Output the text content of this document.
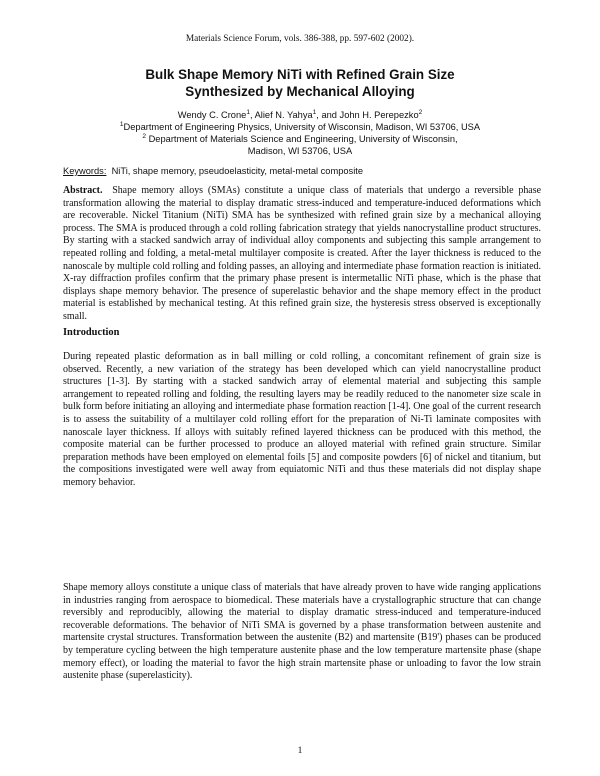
Materials Science Forum, vols. 386-388, pp. 597-602 (2002).
Bulk Shape Memory NiTi with Refined Grain Size
Synthesized by Mechanical Alloying
Wendy C. Crone$^1$, Alief N. Yahya$^1$, and John H. Perepezko$^2$
$^1$Department of Engineering Physics, University of Wisconsin, Madison, WI 53706, USA
$^2$ Department of Materials Science and Engineering, University of Wisconsin,
Madison, WI 53706, USA
Keywords: NiTi, shape memory, pseudoelasticity, metal-metal composite

Abstract. Shape memory alloys (SMAs) constitute a unique class of materials that undergo a reversible phase transformation allowing the material to display dramatic stress-induced and temperature-induced deformations which are recoverable. Nickel Titanium (NiTi) SMA has be synthesized with refined grain size by a mechanical alloying process. The SMA is produced through a cold rolling fabrication strategy that yields nanocrystalline product structures. By starting with a stacked sandwich array of individual alloy components and subjecting this sample arrangement to repeated rolling and folding, a metal-metal multilayer composite is created. After the layer thickness is reduced to the nanoscale by multiple cold rolling and folding passes, an alloying and intermediate phase formation reaction is initiated. X-ray diffraction profiles confirm that the primary phase present is intermetallic NiTi phase, which is the phase that displays shape memory behavior. The presence of superelastic behavior and the shape memory effect in the product material is established by mechanical testing. At this refined grain size, the hysteresis stress observed is exceptionally small.

Introduction

During repeated plastic deformation as in ball milling or cold rolling, a concomitant refinement of grain size is observed. Recently, a new variation of the strategy has been developed which can yield nanocrystalline product structures [1-3]. By starting with a stacked sandwich array of elemental material and subjecting this sample arrangement to repeated rolling and folding, the resulting layers may be readily reduced to the nanometer size scale in bulk form before initiating an alloying and intermediate phase formation reaction [1-4]. One goal of the current research is to assess the suitability of a multilayer cold rolling effort for the preparation of Ni-Ti laminate composites with nanoscale layer thickness. If alloys with suitably refined layered thickness can be produced with this method, the composite material can be further processed to produce an alloyed material with refined grain structure. Similar preparation methods have been employed on elemental foils [5] and composite powders [6] of nickel and titanium, but the compositions investigated were well away from equiatomic NiTi and thus these materials did not display shape memory behavior.

Shape memory alloys constitute a unique class of materials that have already proven to have wide ranging applications in industries ranging from aerospace to biomedical. These materials have a crystallographic structure that can change reversibly and reproducibly, allowing the material to display dramatic stress-induced and temperature-induced recoverable deformations. The behavior of NiTi SMA is governed by a phase transformation between austenite and martensite crystal structures. Transformation between the austenite (B2) and martensite (B19') phases can be produced by temperature cycling between the high temperature austenite phase and the low temperature martensite phase (shape memory effect), or loading the material to favor the high strain martensite phase or unloading to favor the low strain austenite phase (superelasticity).

1
